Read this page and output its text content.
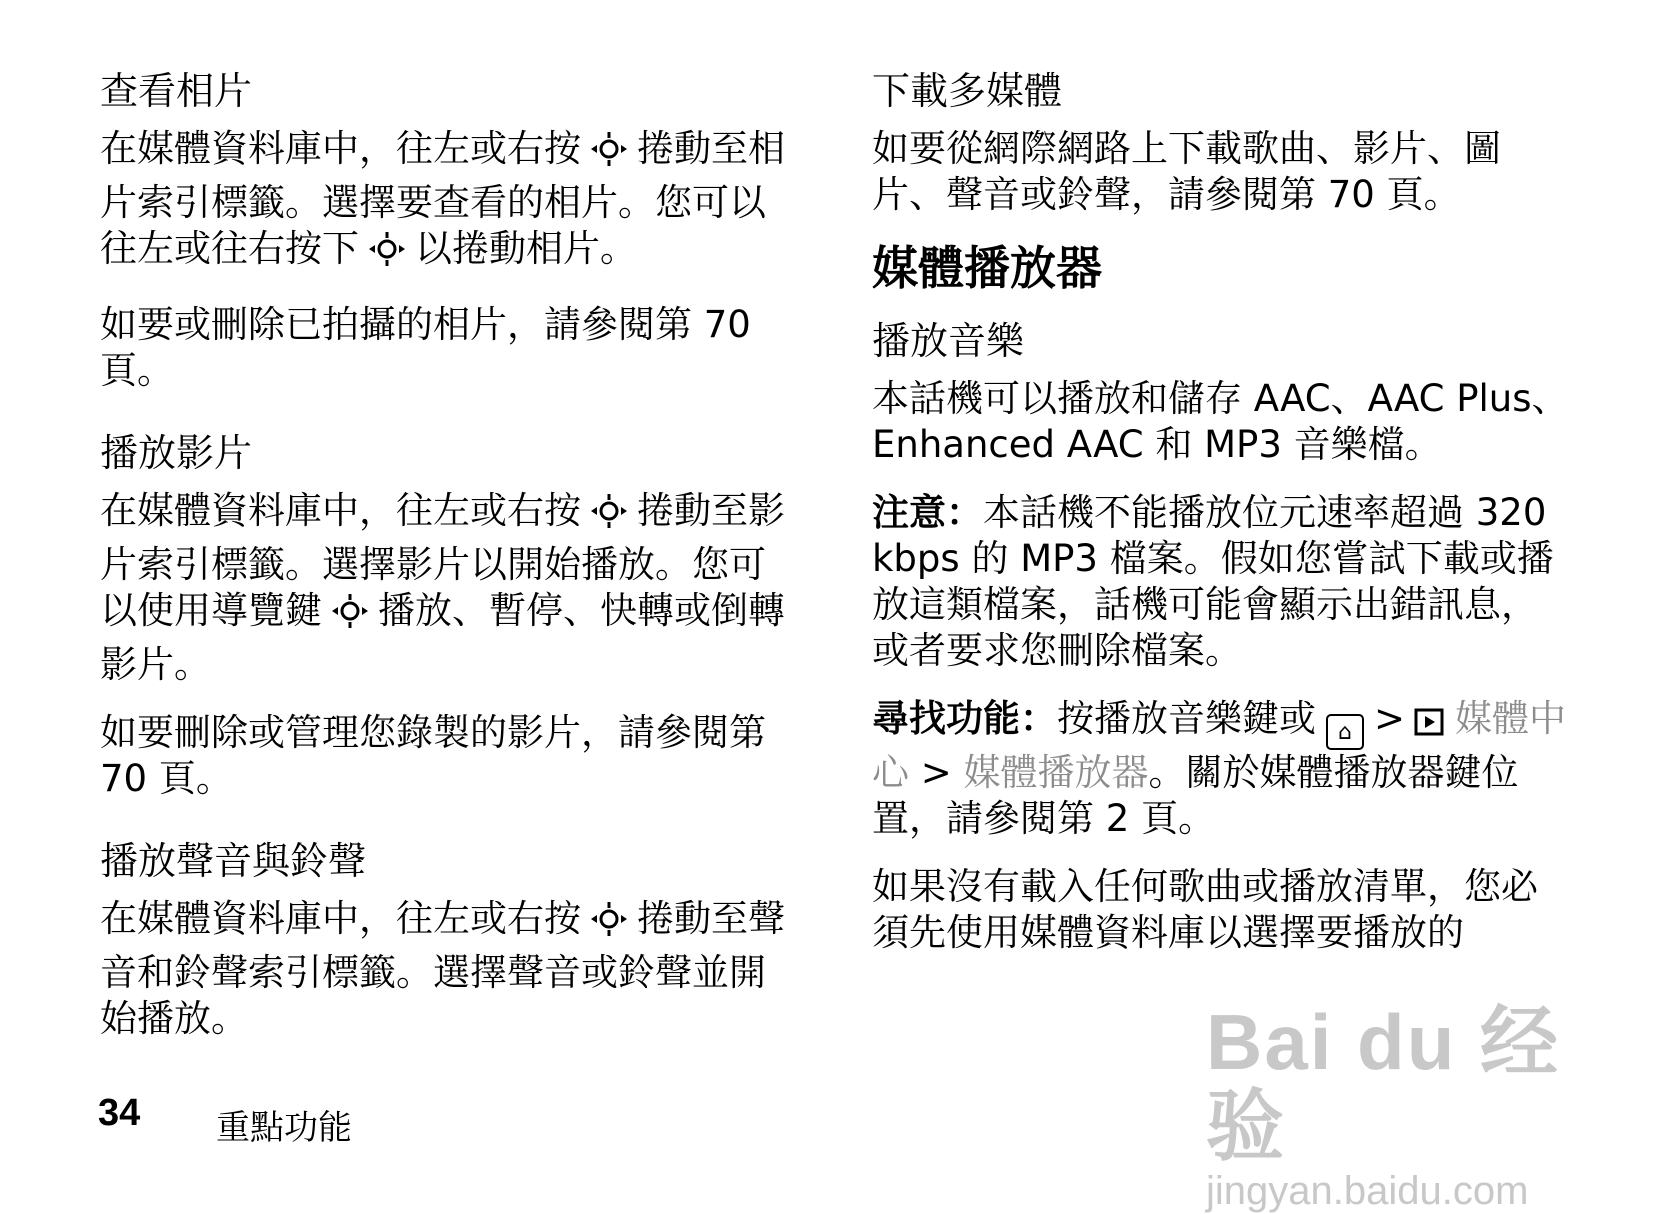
查看相片
在媒體資料庫中，往左或右按 捲動至相片索引標籤。選擇要查看的相片。您可以往左或往右按下 以捲動相片。
如要或刪除已拍攝的相片，請參閱第 70 頁。
播放影片
在媒體資料庫中，往左或右按 捲動至影片索引標籤。選擇影片以開始播放。您可以使用導覽鍵 播放、暫停、快轉或倒轉影片。
如要刪除或管理您錄製的影片，請參閱第 70 頁。
播放聲音與鈴聲
在媒體資料庫中，往左或右按 捲動至聲音和鈴聲索引標籤。選擇聲音或鈴聲並開始播放。
下載多媒體
如要從網際網路上下載歌曲、影片、圖片、聲音或鈴聲，請參閱第 70 頁。
媒體播放器
播放音樂
本話機可以播放和儲存 AAC、AAC Plus、Enhanced AAC 和 MP3 音樂檔。
注意：本話機不能播放位元速率超過 320 kbps 的 MP3 檔案。假如您嘗試下載或播放這類檔案，話機可能會顯示出錯訊息，或者要求您刪除檔案。
尋找功能：按播放音樂鍵或 ⌂ > 媒體中心 > 媒體播放器。關於媒體播放器鍵位置，請參閱第 2 頁。
如果沒有載入任何歌曲或播放清單，您必須先使用媒體資料庫以選擇要播放的
34 重點功能
Bai du 经验
jingyan.baidu.com
